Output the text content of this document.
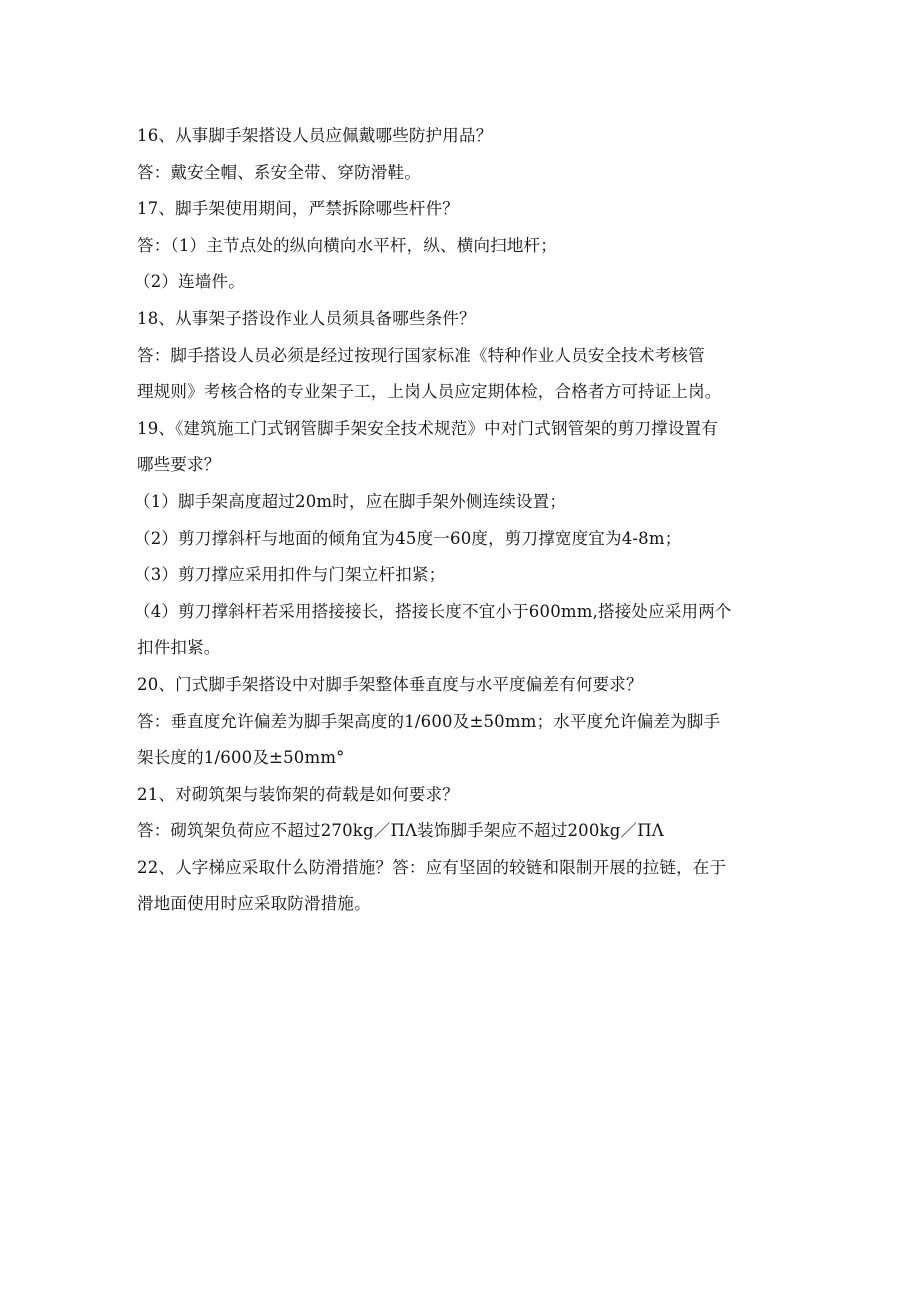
16、从事脚手架搭设人员应佩戴哪些防护用品？
答：戴安全帽、系安全带、穿防滑鞋。
17、脚手架使用期间，严禁拆除哪些杆件？
答：（1）主节点处的纵向横向水平杆，纵、横向扫地杆；
（2）连墙件。
18、从事架子搭设作业人员须具备哪些条件？
答：脚手搭设人员必须是经过按现行国家标准《特种作业人员安全技术考核管
理规则》考核合格的专业架子工，上岗人员应定期体检，合格者方可持证上岗。
19、《建筑施工门式钢管脚手架安全技术规范》中对门式钢管架的剪刀撑设置有
哪些要求？
（1）脚手架高度超过20m时，应在脚手架外侧连续设置；
（2）剪刀撑斜杆与地面的倾角宜为45度一60度，剪刀撑宽度宜为4-8m；
（3）剪刀撑应采用扣件与门架立杆扣紧；
（4）剪刀撑斜杆若采用搭接接长，搭接长度不宜小于600mm,搭接处应采用两个
扣件扣紧。
20、门式脚手架搭设中对脚手架整体垂直度与水平度偏差有何要求？
答：垂直度允许偏差为脚手架高度的1/600及±50mm；水平度允许偏差为脚手
架长度的1/600及±50mm°
21、对砌筑架与装饰架的荷载是如何要求？
答：砌筑架负荷应不超过270kg／ΠΛ装饰脚手架应不超过200kg／ΠΛ
22、人字梯应采取什么防滑措施？答：应有坚固的较链和限制开展的拉链，在于
滑地面使用时应采取防滑措施。
